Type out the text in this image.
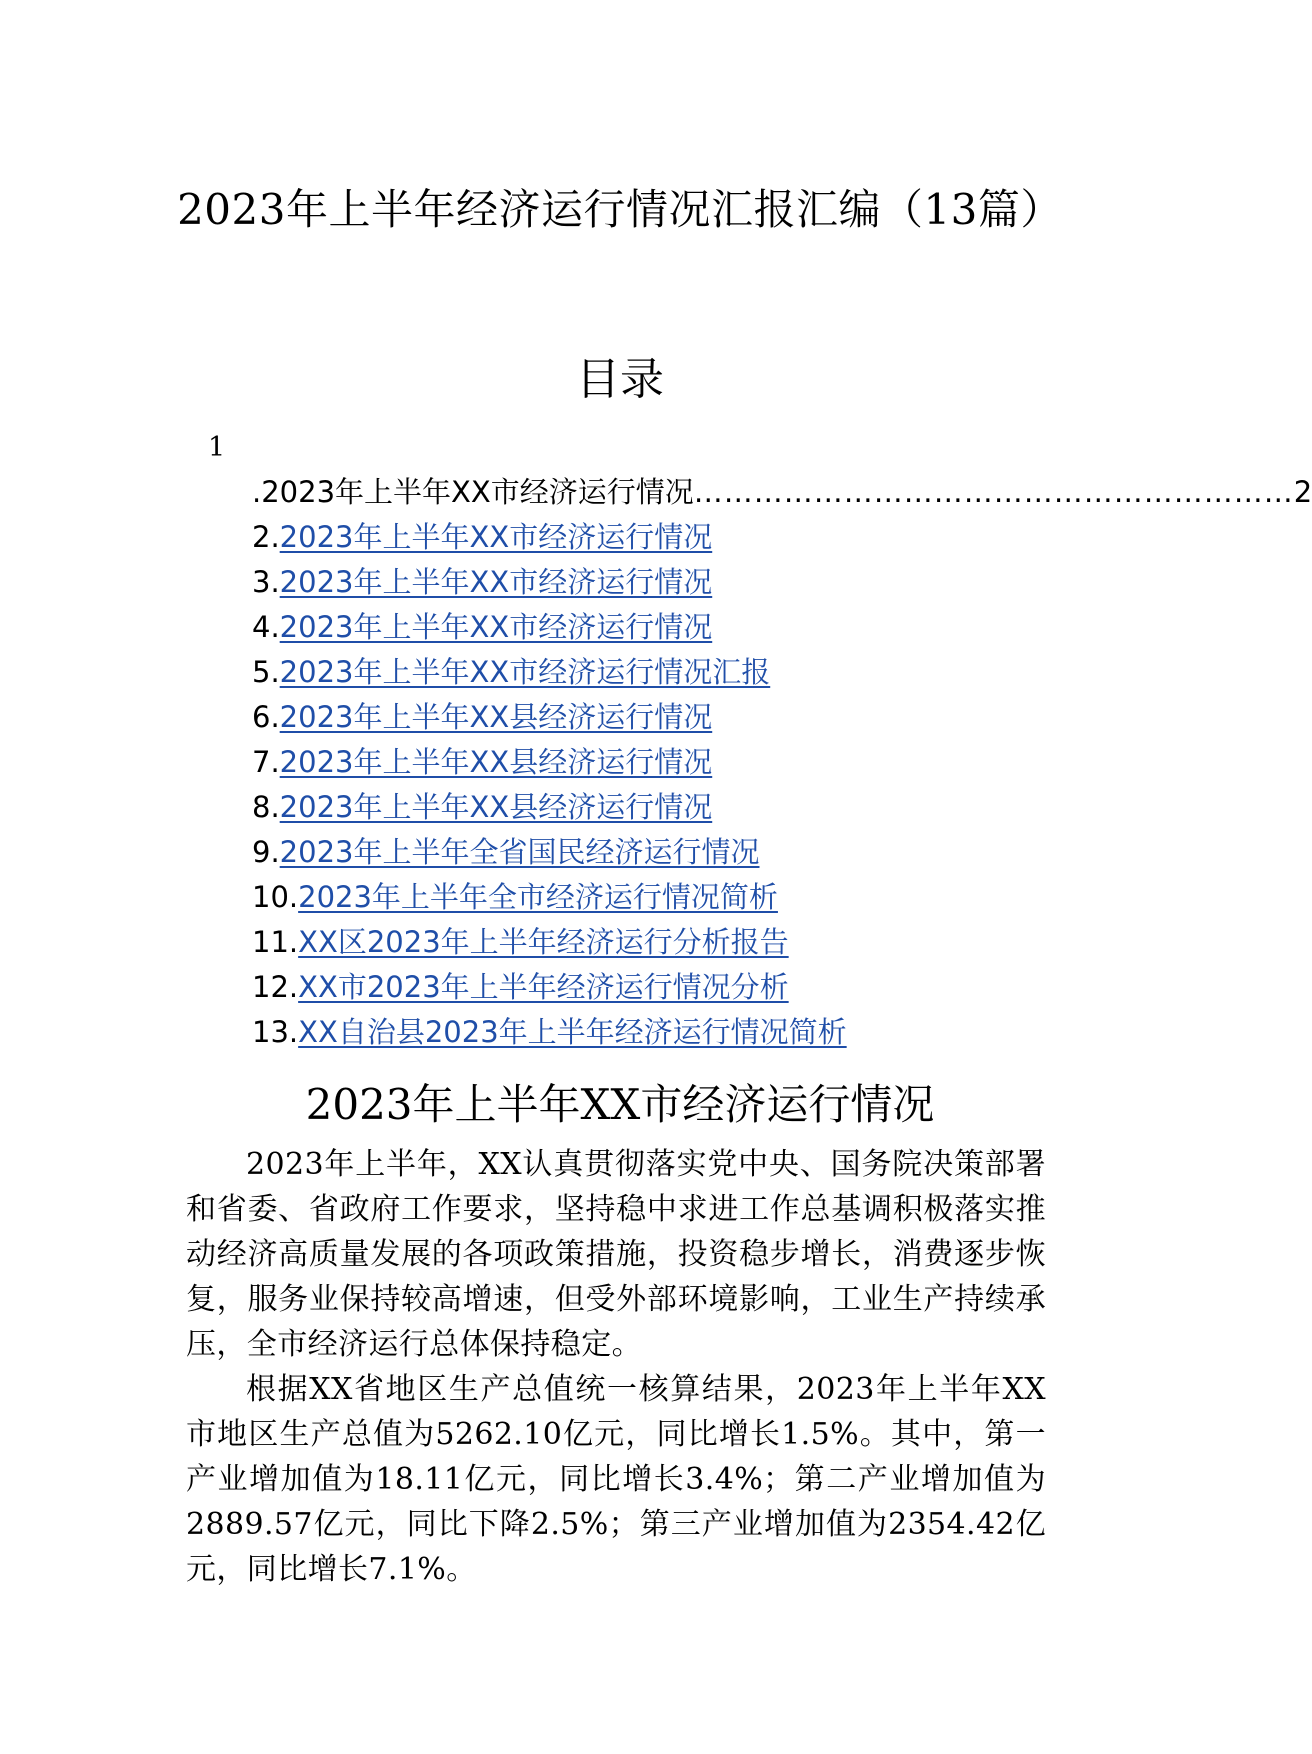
2023年上半年经济运行情况汇报汇编（13篇）
目录
1
.2023年上半年XX市经济运行情况 …………………………………………………… 2
2.2023年上半年XX市经济运行情况
3.2023年上半年XX市经济运行情况
4.2023年上半年XX市经济运行情况
5.2023年上半年XX市经济运行情况汇报
6.2023年上半年XX县经济运行情况
7.2023年上半年XX县经济运行情况
8.2023年上半年XX县经济运行情况
9.2023年上半年全省国民经济运行情况
10.2023年上半年全市经济运行情况简析
11.XX区2023年上半年经济运行分析报告
12.XX市2023年上半年经济运行情况分析
13.XX自治县2023年上半年经济运行情况简析
2023年上半年XX市经济运行情况

2023年上半年，XX认真贯彻落实党中央、国务院决策部署和省委、省政府工作要求，坚持稳中求进工作总基调积极落实推动经济高质量发展的各项政策措施，投资稳步增长，消费逐步恢复，服务业保持较高增速，但受外部环境影响，工业生产持续承压，全市经济运行总体保持稳定。

根据XX省地区生产总值统一核算结果，2023年上半年XX市地区生产总值为5262.10亿元，同比增长1.5%。其中，第一产业增加值为18.11亿元，同比增长3.4%；第二产业增加值为2889.57亿元，同比下降2.5%；第三产业增加值为2354.42亿元，同比增长7.1%。
